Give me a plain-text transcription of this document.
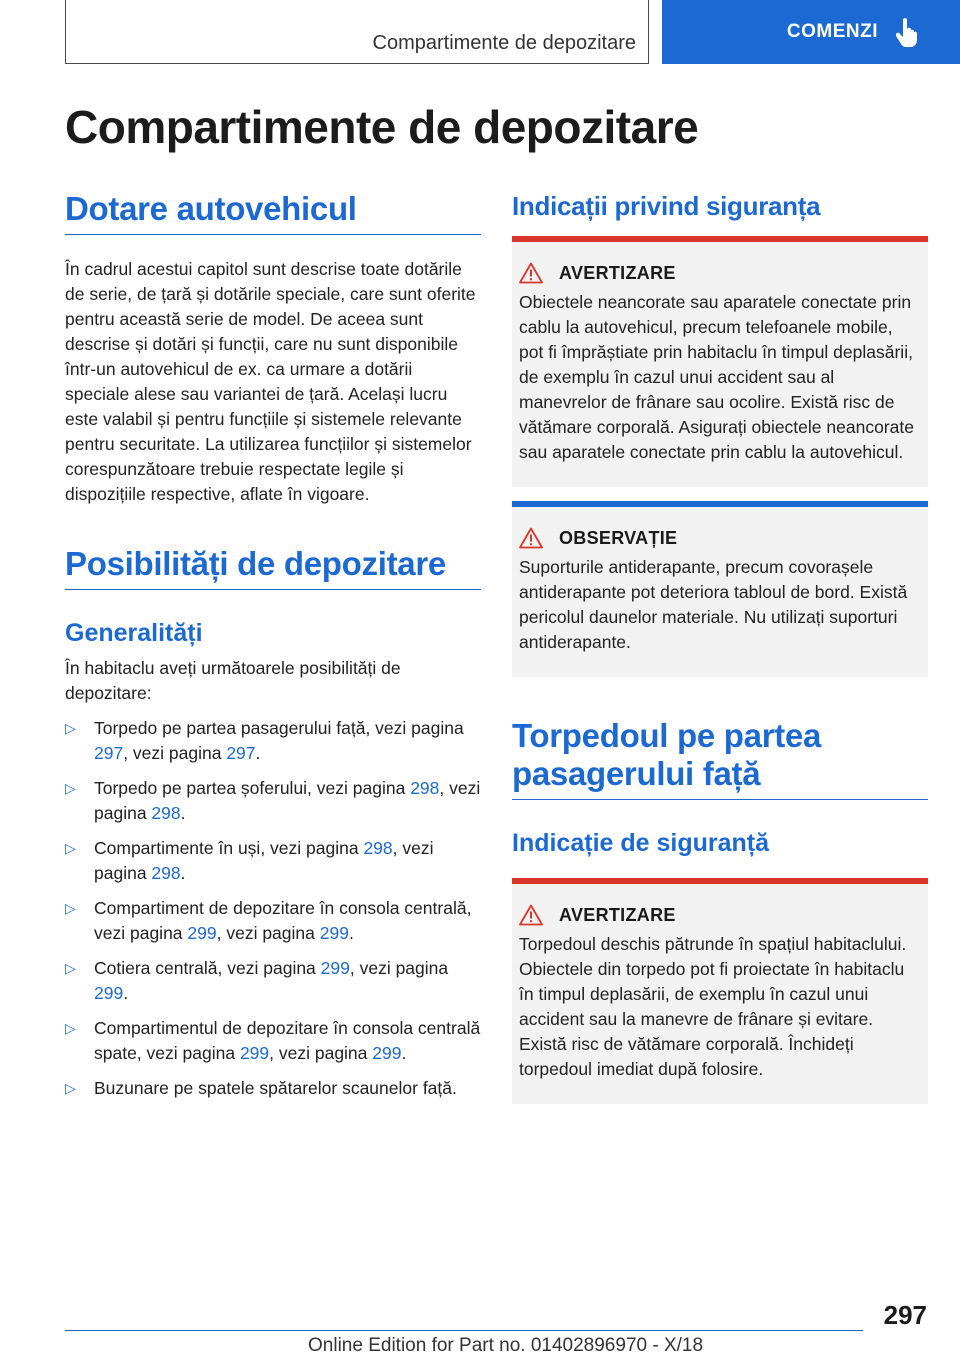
Compartimente de depozitare
COMENZI
Compartimente de depozitare
Dotare autovehicul

În cadrul acestui capitol sunt descrise toate dotările de serie, de țară și dotările speciale, care sunt oferite pentru această serie de model. De aceea sunt descrise și dotări și funcții, care nu sunt disponibile într-un autovehicul de ex. ca urmare a dotării speciale alese sau variantei de țară. Același lucru este valabil și pentru funcțiile și sistemele relevante pentru securitate. La utilizarea funcțiilor și sistemelor corespunzătoare trebuie respectate legile și dispozițiile respective, aflate în vigoare.

Posibilități de depozitare
Generalități

În habitaclu aveți următoarele posibilități de depozitare:

▷ Torpedo pe partea pasagerului față, vezi pagina 297, vezi pagina 297.
▷ Torpedo pe partea șoferului, vezi pagina 298, vezi pagina 298.
▷ Compartimente în uși, vezi pagina 298, vezi pagina 298.
▷ Compartiment de depozitare în consola centrală, vezi pagina 299, vezi pagina 299.
▷ Cotiera centrală, vezi pagina 299, vezi pagina 299.
▷ Compartimentul de depozitare în consola centrală spate, vezi pagina 299, vezi pagina 299.
▷ Buzunare pe spatele spătarelor scaunelor față.
Indicații privind siguranța
AVERTIZARE

Obiectele neancorate sau aparatele conectate prin cablu la autovehicul, precum telefoanele mobile, pot fi împrăștiate prin habitaclu în timpul deplasării, de exemplu în cazul unui accident sau al manevrelor de frânare sau ocolire. Există risc de vătămare corporală. Asigurați obiectele neancorate sau aparatele conectate prin cablu la autovehicul.

OBSERVAȚIE

Suporturile antiderapante, precum covorașele antiderapante pot deteriora tabloul de bord. Există pericolul daunelor materiale. Nu utilizați suporturi antiderapante.

Torpedoul pe partea pasagerului față
Indicație de siguranță
AVERTIZARE

Torpedoul deschis pătrunde în spațiul habitaclului. Obiectele din torpedo pot fi proiectate în habitaclu în timpul deplasării, de exemplu în cazul unui accident sau la manevre de frânare și evitare. Există risc de vătămare corporală. Închideți torpedoul imediat după folosire.

297
Online Edition for Part no. 01402896970 - X/18
